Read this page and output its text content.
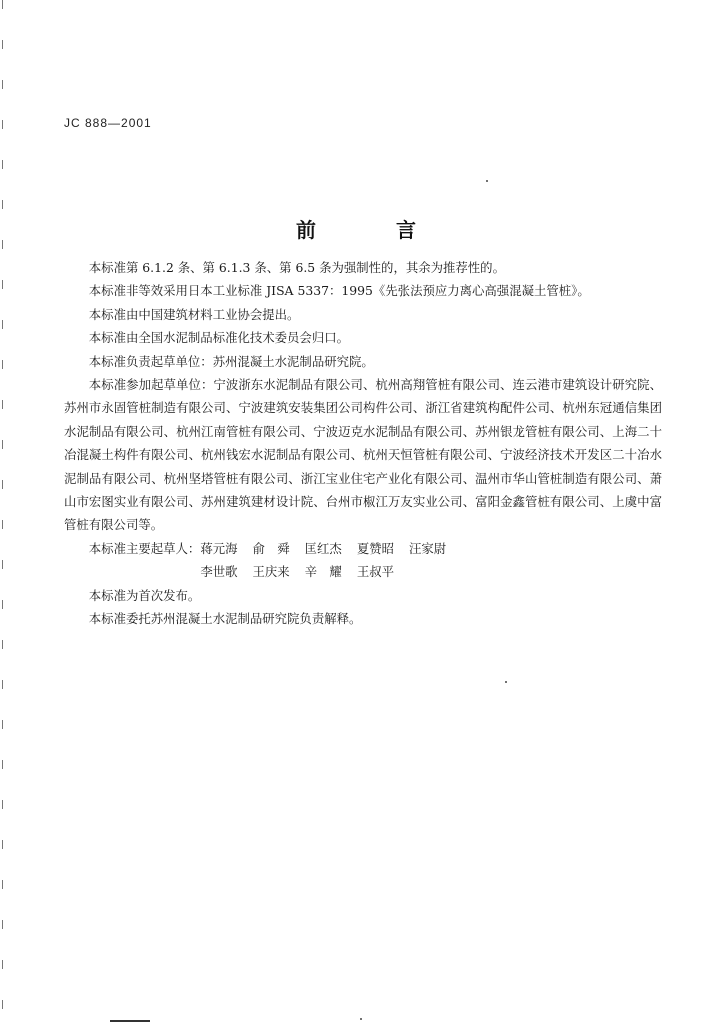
JC 888—2001
前　言

本标准第 6.1.2 条、第 6.1.3 条、第 6.5 条为强制性的，其余为推荐性的。

本标准非等效采用日本工业标准 JISA 5337：1995《先张法预应力离心高强混凝土管桩》。

本标准由中国建筑材料工业协会提出。

本标准由全国水泥制品标准化技术委员会归口。

本标准负责起草单位：苏州混凝土水泥制品研究院。

本标准参加起草单位：宁波浙东水泥制品有限公司、杭州高翔管桩有限公司、连云港市建筑设计研究院、苏州市永固管桩制造有限公司、宁波建筑安装集团公司构件公司、浙江省建筑构配件公司、杭州东冠通信集团水泥制品有限公司、杭州江南管桩有限公司、宁波迈克水泥制品有限公司、苏州银龙管桩有限公司、上海二十冶混凝土构件有限公司、杭州钱宏水泥制品有限公司、杭州天恒管桩有限公司、宁波经济技术开发区二十冶水泥制品有限公司、杭州坚塔管桩有限公司、浙江宝业住宅产业化有限公司、温州市华山管桩制造有限公司、萧山市宏图实业有限公司、苏州建筑建材设计院、台州市椒江万友实业公司、富阳金鑫管桩有限公司、上虞中富管桩有限公司等。

本标准主要起草人： 蒋元海 俞　舜 匡红杰 夏赞昭 汪家尉
李世歌 王庆来 辛　耀 王叔平

本标准为首次发布。

本标准委托苏州混凝土水泥制品研究院负责解释。
